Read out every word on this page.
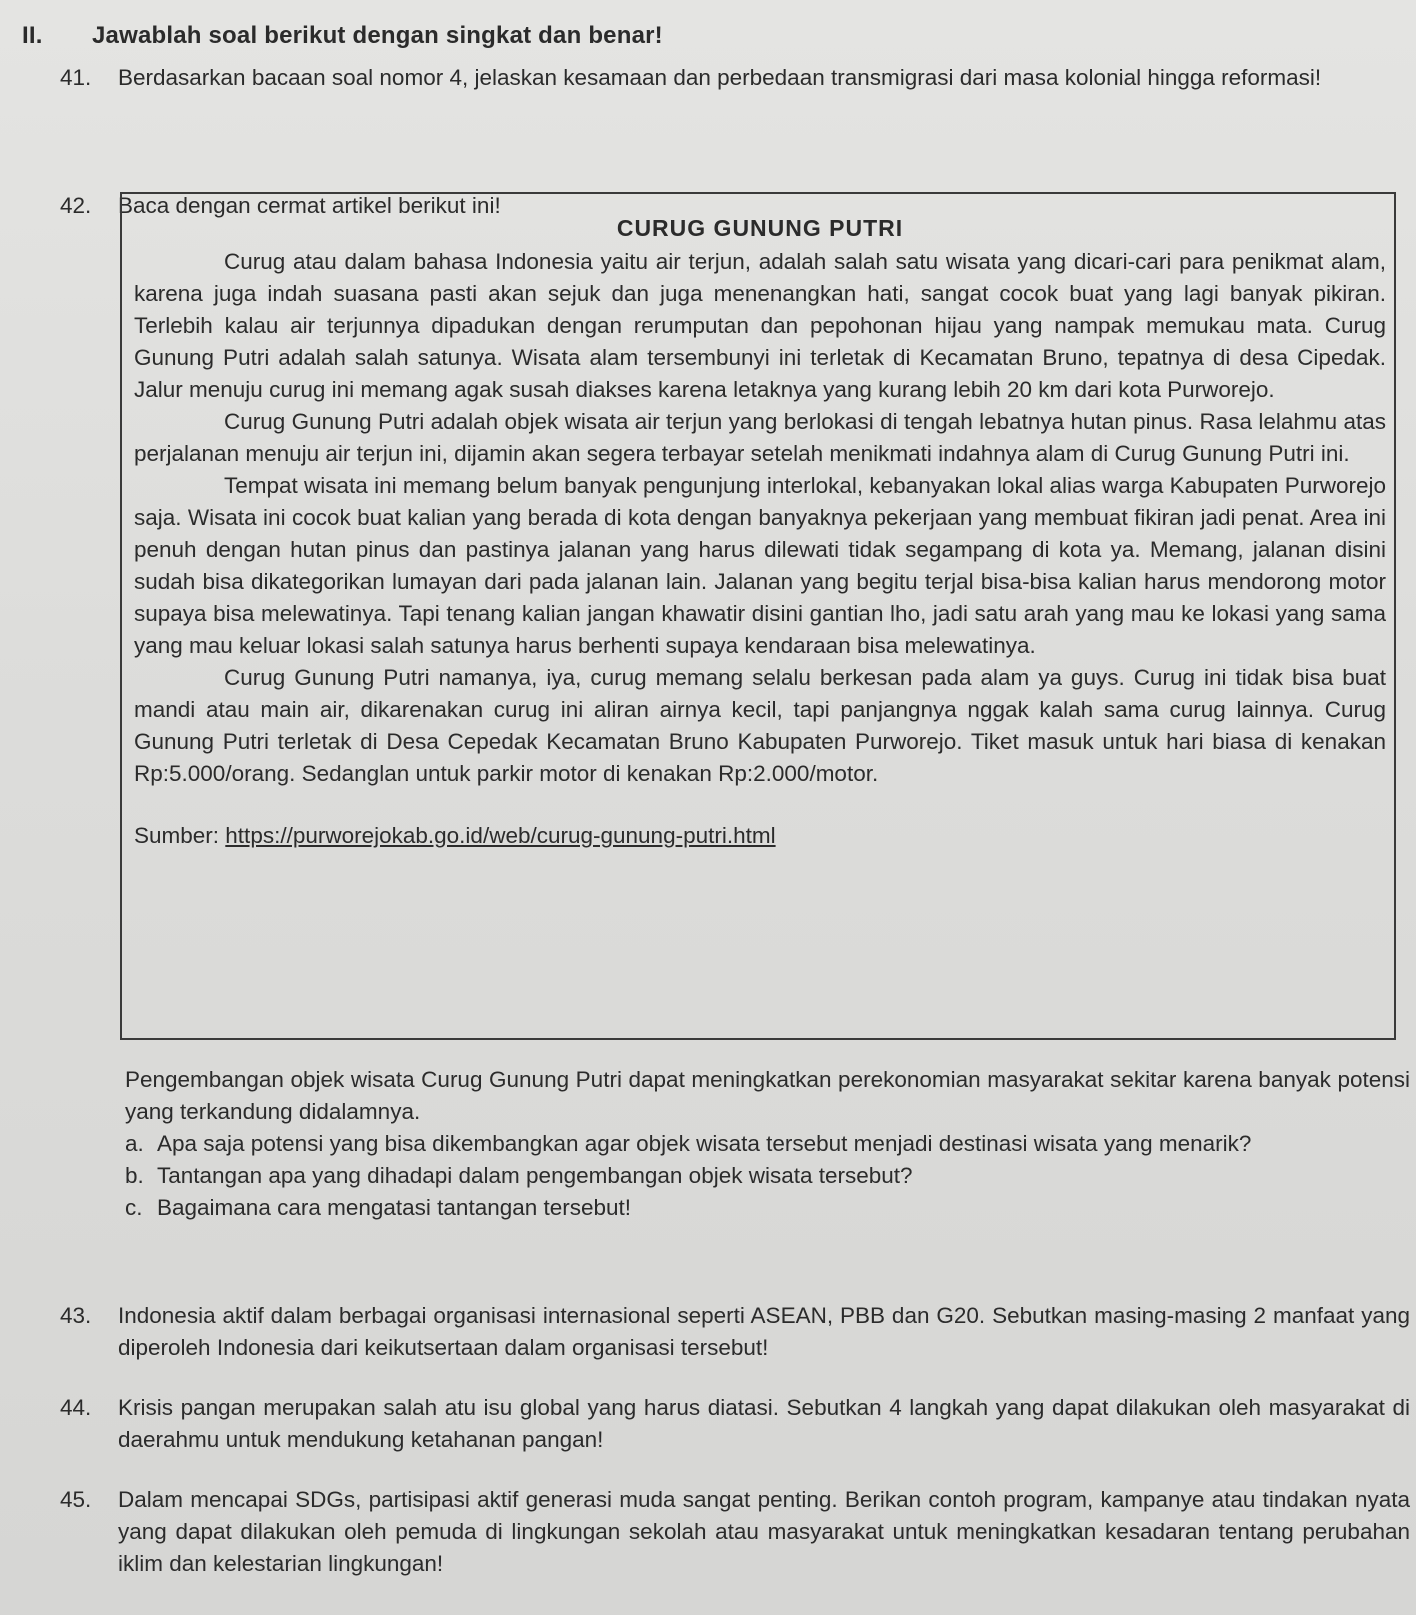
II. Jawablah soal berikut dengan singkat dan benar!
41. Berdasarkan bacaan soal nomor 4, jelaskan kesamaan dan perbedaan transmigrasi dari masa kolonial hingga reformasi!
42. Baca dengan cermat artikel berikut ini!
CURUG GUNUNG PUTRI

Curug atau dalam bahasa Indonesia yaitu air terjun, adalah salah satu wisata yang dicari-cari para penikmat alam, karena juga indah suasana pasti akan sejuk dan juga menenangkan hati, sangat cocok buat yang lagi banyak pikiran. Terlebih kalau air terjunnya dipadukan dengan rerumputan dan pepohonan hijau yang nampak memukau mata. Curug Gunung Putri adalah salah satunya. Wisata alam tersembunyi ini terletak di Kecamatan Bruno, tepatnya di desa Cipedak. Jalur menuju curug ini memang agak susah diakses karena letaknya yang kurang lebih 20 km dari kota Purworejo.

Curug Gunung Putri adalah objek wisata air terjun yang berlokasi di tengah lebatnya hutan pinus. Rasa lelahmu atas perjalanan menuju air terjun ini, dijamin akan segera terbayar setelah menikmati indahnya alam di Curug Gunung Putri ini.

Tempat wisata ini memang belum banyak pengunjung interlokal, kebanyakan lokal alias warga Kabupaten Purworejo saja. Wisata ini cocok buat kalian yang berada di kota dengan banyaknya pekerjaan yang membuat fikiran jadi penat. Area ini penuh dengan hutan pinus dan pastinya jalanan yang harus dilewati tidak segampang di kota ya. Memang, jalanan disini sudah bisa dikategorikan lumayan dari pada jalanan lain. Jalanan yang begitu terjal bisa-bisa kalian harus mendorong motor supaya bisa melewatinya. Tapi tenang kalian jangan khawatir disini gantian lho, jadi satu arah yang mau ke lokasi yang sama yang mau keluar lokasi salah satunya harus berhenti supaya kendaraan bisa melewatinya.

Curug Gunung Putri namanya, iya, curug memang selalu berkesan pada alam ya guys. Curug ini tidak bisa buat mandi atau main air, dikarenakan curug ini aliran airnya kecil, tapi panjangnya nggak kalah sama curug lainnya. Curug Gunung Putri terletak di Desa Cepedak Kecamatan Bruno Kabupaten Purworejo. Tiket masuk untuk hari biasa di kenakan Rp:5.000/orang. Sedanglan untuk parkir motor di kenakan Rp:2.000/motor.

Sumber: https://purworejokab.go.id/web/curug-gunung-putri.html
Pengembangan objek wisata Curug Gunung Putri dapat meningkatkan perekonomian masyarakat sekitar karena banyak potensi yang terkandung didalamnya.
a. Apa saja potensi yang bisa dikembangkan agar objek wisata tersebut menjadi destinasi wisata yang menarik?
b. Tantangan apa yang dihadapi dalam pengembangan objek wisata tersebut?
c. Bagaimana cara mengatasi tantangan tersebut!
43. Indonesia aktif dalam berbagai organisasi internasional seperti ASEAN, PBB dan G20. Sebutkan masing-masing 2 manfaat yang diperoleh Indonesia dari keikutsertaan dalam organisasi tersebut!
44. Krisis pangan merupakan salah atu isu global yang harus diatasi. Sebutkan 4 langkah yang dapat dilakukan oleh masyarakat di daerahmu untuk mendukung ketahanan pangan!
45. Dalam mencapai SDGs, partisipasi aktif generasi muda sangat penting. Berikan contoh program, kampanye atau tindakan nyata yang dapat dilakukan oleh pemuda di lingkungan sekolah atau masyarakat untuk meningkatkan kesadaran tentang perubahan iklim dan kelestarian lingkungan!
